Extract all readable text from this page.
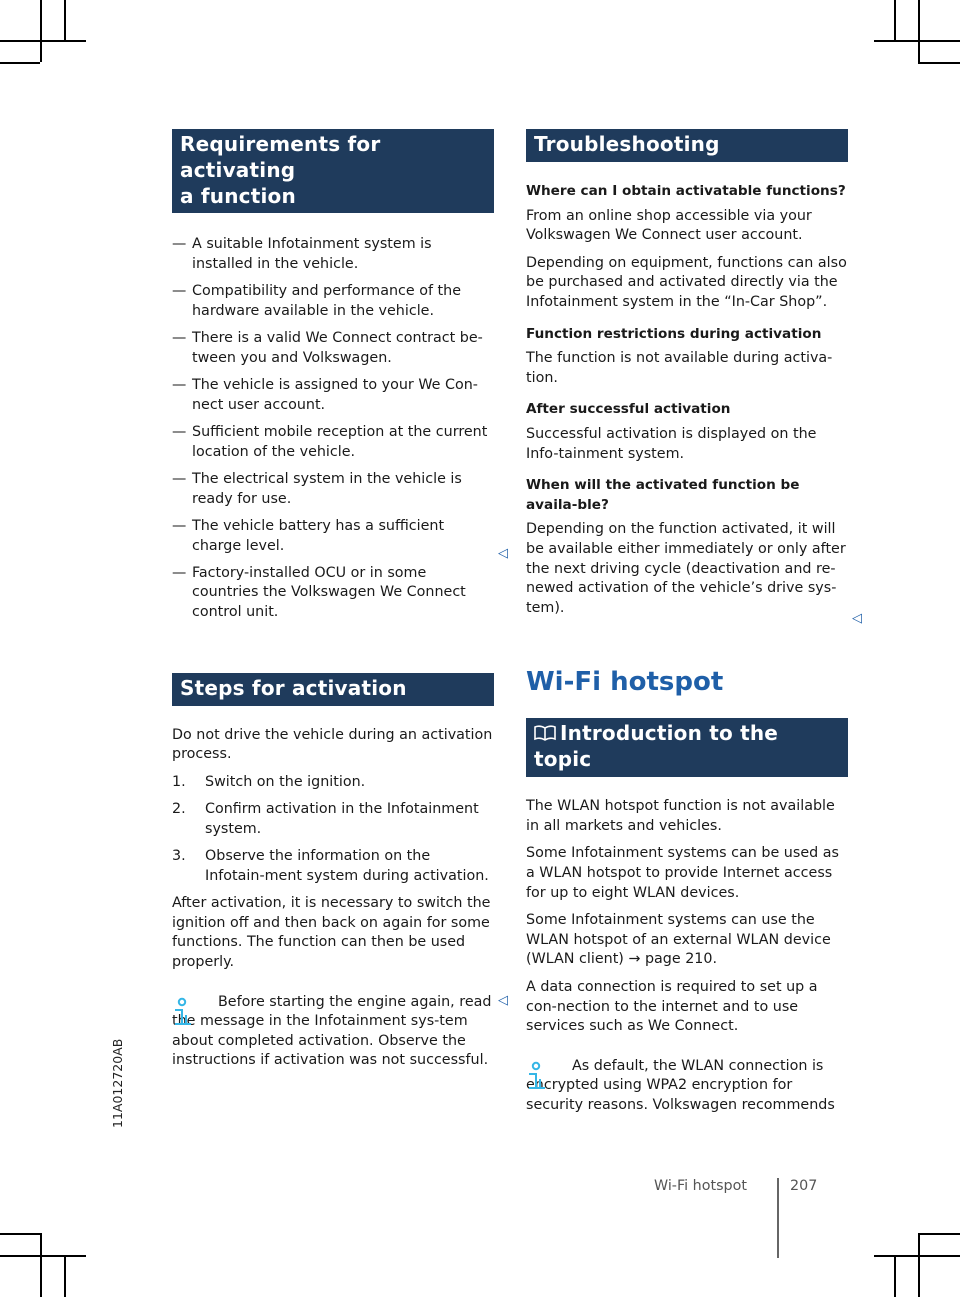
11A012720AB
Requirements for activating
a function
— A suitable Infotainment system is installed in the vehicle.
— Compatibility and performance of the hardware available in the vehicle.
— There is a valid We Connect contract be-tween you and Volkswagen.
— The vehicle is assigned to your We Con-nect user account.
— Sufficient mobile reception at the current location of the vehicle.
— The electrical system in the vehicle is ready for use.
— The vehicle battery has a sufficient charge level.
— Factory-installed OCU or in some countries the Volkswagen We Connect control unit.
◁
Steps for activation

Do not drive the vehicle during an activation process.

1. Switch on the ignition.
2. Confirm activation in the Infotainment system.
3. Observe the information on the Infotain-ment system during activation.

After activation, it is necessary to switch the ignition off and then back on again for some functions. The function can then be used properly.

Before starting the engine again, read the message in the Infotainment sys-tem about completed activation. Observe the instructions if activation was not successful.

◁
Troubleshooting

Where can I obtain activatable functions?

From an online shop accessible via your Volkswagen We Connect user account.

Depending on equipment, functions can also be purchased and activated directly via the Infotainment system in the “In-Car Shop”.

Function restrictions during activation

The function is not available during activa-tion.

After successful activation

Successful activation is displayed on the Info-tainment system.

When will the activated function be availa-ble?

Depending on the function activated, it will be available either immediately or only after the next driving cycle (deactivation and re-newed activation of the vehicle’s drive sys-tem).

◁
Wi-Fi hotspot
Introduction to the topic

The WLAN hotspot function is not available in all markets and vehicles.

Some Infotainment systems can be used as a WLAN hotspot to provide Internet access for up to eight WLAN devices.

Some Infotainment systems can use the WLAN hotspot of an external WLAN device (WLAN client) → page 210.

A data connection is required to set up a con-nection to the internet and to use services such as We Connect.

As default, the WLAN connection is encrypted using WPA2 encryption for security reasons. Volkswagen recommends

Wi-Fi hotspot	207
